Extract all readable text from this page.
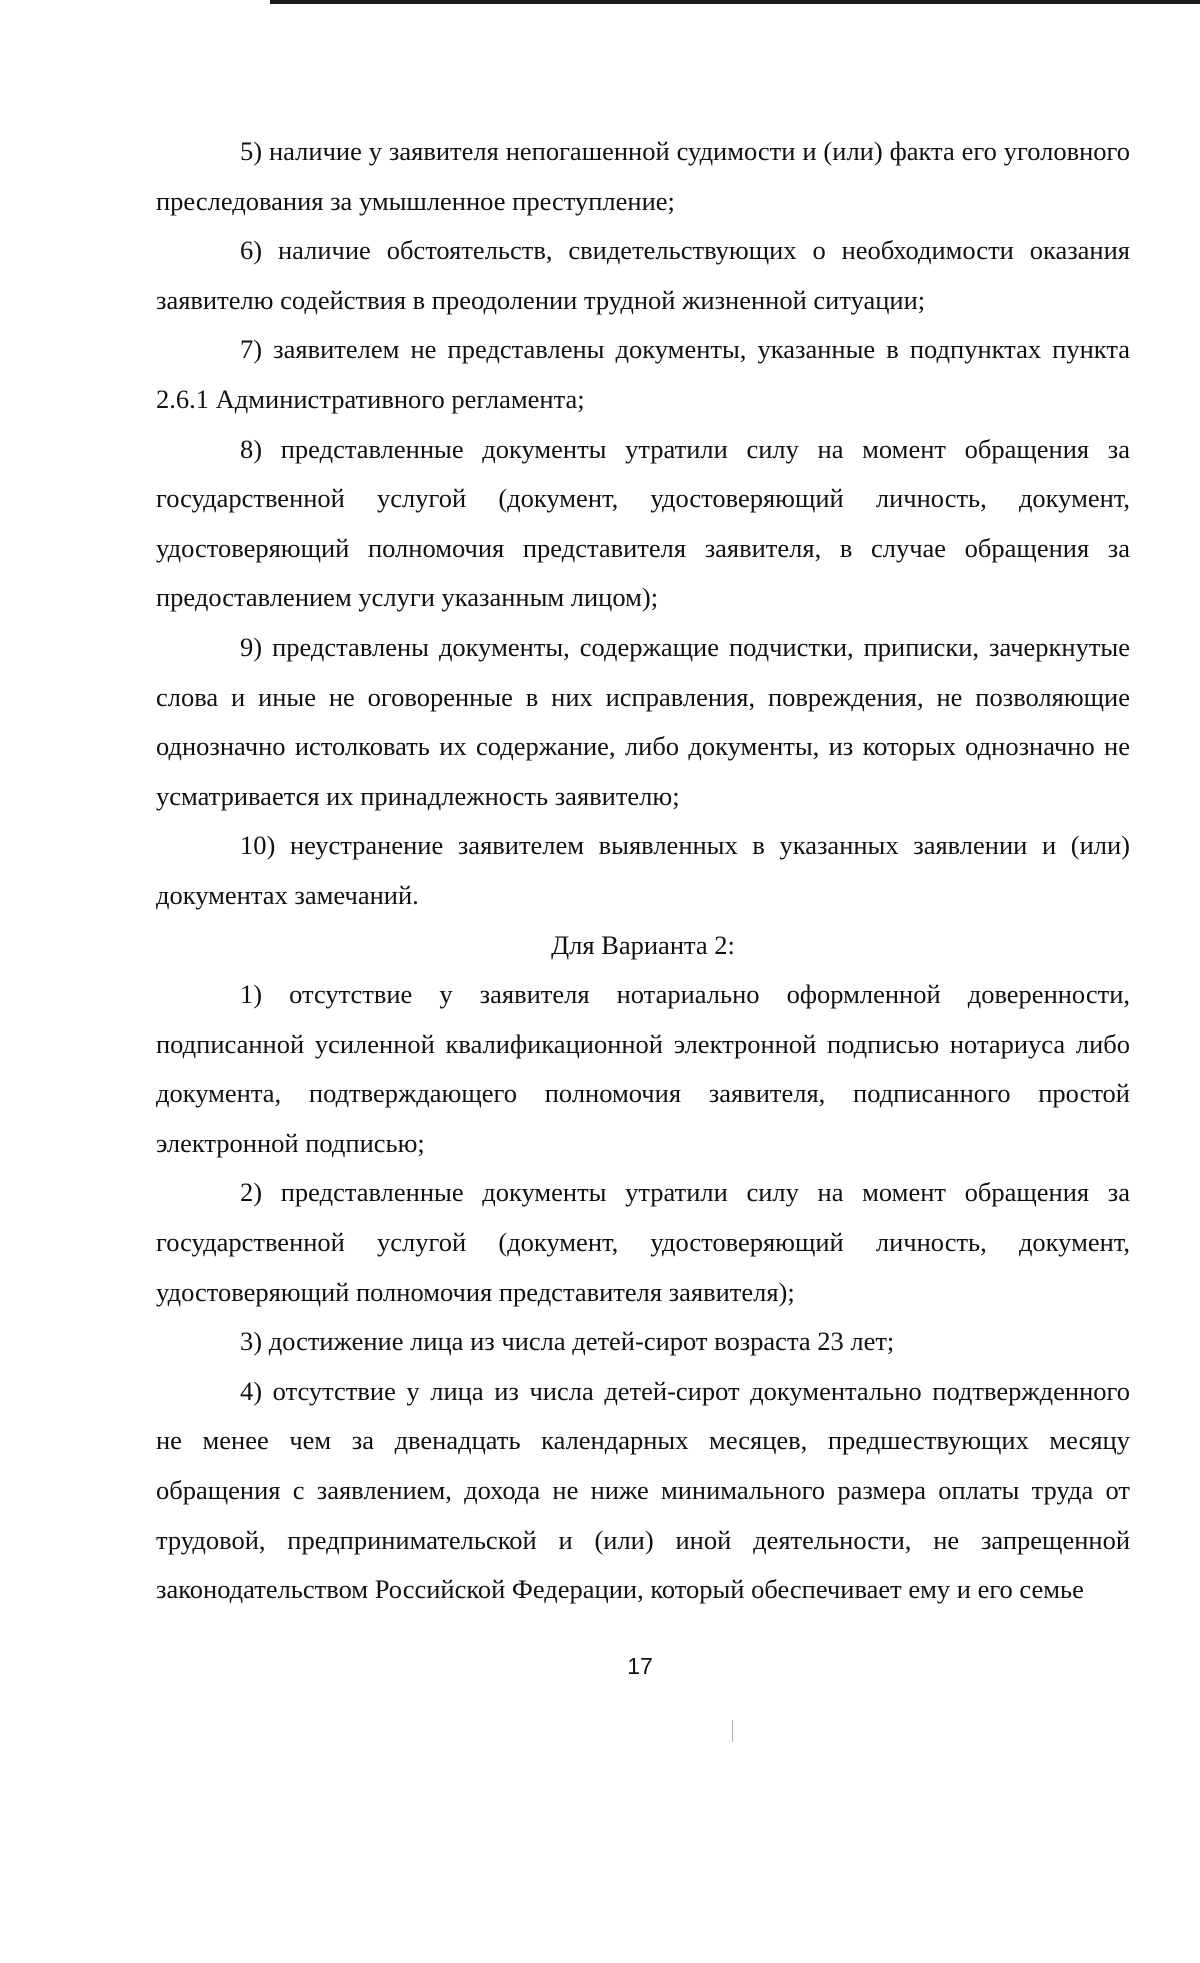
5) наличие у заявителя непогашенной судимости и (или) факта его уголовного преследования за умышленное преступление;

6) наличие обстоятельств, свидетельствующих о необходимости оказания заявителю содействия в преодолении трудной жизненной ситуации;

7) заявителем не представлены документы, указанные в подпунктах пункта 2.6.1 Административного регламента;

8) представленные документы утратили силу на момент обращения за государственной услугой (документ, удостоверяющий личность, документ, удостоверяющий полномочия представителя заявителя, в случае обращения за предоставлением услуги указанным лицом);

9) представлены документы, содержащие подчистки, приписки, зачеркнутые слова и иные не оговоренные в них исправления, повреждения, не позволяющие однозначно истолковать их содержание, либо документы, из которых однозначно не усматривается их принадлежность заявителю;

10) неустранение заявителем выявленных в указанных заявлении и (или) документах замечаний.

Для Варианта 2:

1) отсутствие у заявителя нотариально оформленной доверенности, подписанной усиленной квалификационной электронной подписью нотариуса либо документа, подтверждающего полномочия заявителя, подписанного простой электронной подписью;

2) представленные документы утратили силу на момент обращения за государственной услугой (документ, удостоверяющий личность, документ, удостоверяющий полномочия представителя заявителя);

3) достижение лица из числа детей-сирот возраста 23 лет;

4) отсутствие у лица из числа детей-сирот документально подтвержденного не менее чем за двенадцать календарных месяцев, предшествующих месяцу обращения с заявлением, дохода не ниже минимального размера оплаты труда от трудовой, предпринимательской и (или) иной деятельности, не запрещенной законодательством Российской Федерации, который обеспечивает ему и его семье

17
